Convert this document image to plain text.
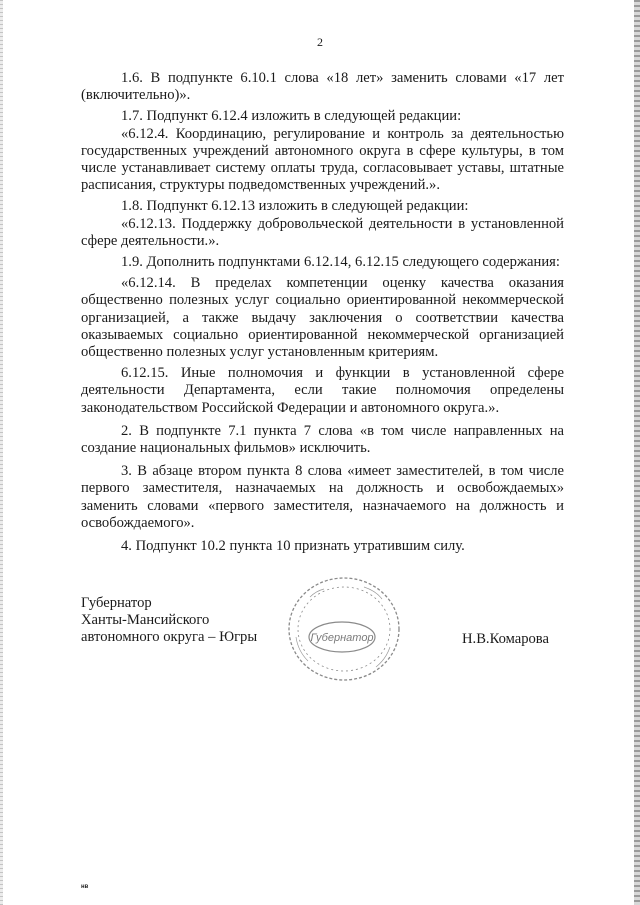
2

1.6. В подпункте 6.10.1 слова «18 лет» заменить словами «17 лет (включительно)».

1.7. Подпункт 6.12.4 изложить в следующей редакции:

«6.12.4. Координацию, регулирование и контроль за деятельностью государственных учреждений автономного округа в сфере культуры, в том числе устанавливает систему оплаты труда, согласовывает уставы, штатные расписания, структуры подведомственных учреждений.».

1.8. Подпункт 6.12.13 изложить в следующей редакции:

«6.12.13. Поддержку добровольческой деятельности в установленной сфере деятельности.».

1.9. Дополнить подпунктами 6.12.14, 6.12.15 следующего содержания:

«6.12.14. В пределах компетенции оценку качества оказания общественно полезных услуг социально ориентированной некоммерческой организацией, а также выдачу заключения о соответствии качества оказываемых социально ориентированной некоммерческой организацией общественно полезных услуг установленным критериям.

6.12.15. Иные полномочия и функции в установленной сфере деятельности Департамента, если такие полномочия определены законодательством Российской Федерации и автономного округа.».

2. В подпункте 7.1 пункта 7 слова «в том числе направленных на создание национальных фильмов» исключить.

3. В абзаце втором пункта 8 слова «имеет заместителей, в том числе первого заместителя, назначаемых на должность и освобождаемых» заменить словами «первого заместителя, назначаемого на должность и освобождаемого».

4. Подпункт 10.2 пункта 10 признать утратившим силу.

Губернатор
Ханты-Мансийского
автономного округа – Югры	Губернатор	Н.В.Комарова
нв
